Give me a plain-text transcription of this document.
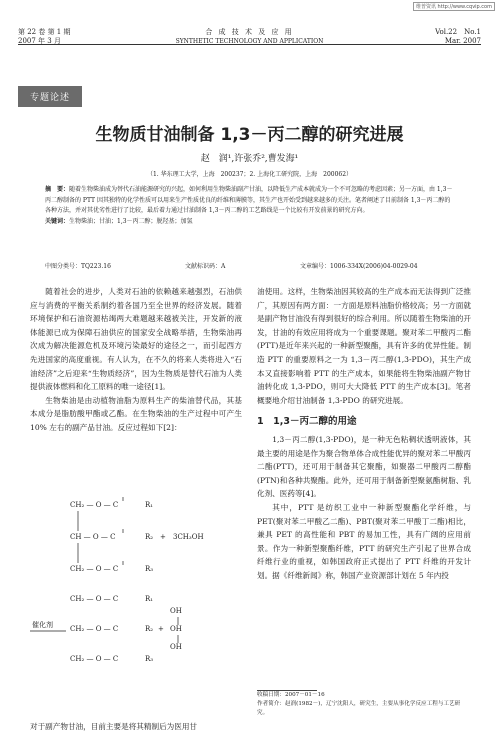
维普资讯 http://www.cqvip.com
第 22 卷 第 1 期
2007 年 3 月
合 成 技 术 及 应 用
SYNTHETIC TECHNOLOGY AND APPLICATION
Vol.22　No.1
Mar. 2007
专题论述
生物质甘油制备 1,3－丙二醇的研究进展
赵　润¹,许张乔²,曹发海¹
（1. 华东理工大学，上海　200237；2. 上海化工研究院，上海　200062）
摘　要：随着生物柴油成为替代石油能源研究的兴起，如何利用生物柴油副产甘油，以降低生产成本就成为一个不可忽略的考虑因素；另一方面，由 1,3－丙二醇制备的 PTT 因其独特的化学性质可以用来生产性质优良的纤维和薄膜等，其生产也开始受到越来越多的关注。笔者阐述了目前制备 1,3－丙二醇的各种方法，并对其优劣性进行了比较，最后着力通过甘油制备 1,3－丙二醇的工艺路线是一个比较有开发前景的研究方向。
关键词：生物柴油；甘油；1,3－丙二醇；脱羟基；加氢
中图分类号：TQ223.16	文献标识码：A	文章编号：1006-334X(2006)04-0029-04

随着社会的进步，人类对石油的依赖越来越强烈，石油供应与消费的平衡关系制约着各国乃至全世界的经济发展。随着环境保护和石油资源枯竭两大难题越来越被关注，开发新的液体能源已成为保障石油供应的国家安全战略举措，生物柴油再次成为解决能源危机及环境污染最好的途径之一，而引起西方先进国家的高度重视。有人认为，在不久的将来人类将进入“石油经济”之后迎来“生物质经济”，因为生物质是替代石油为人类提供液体燃料和化工原料的唯一途径[1]。

生物柴油是由动植物油脂为原料生产的柴油替代品，其基本成分是脂肪酸甲酯或乙酯。在生物柴油的生产过程中可产生 10% 左右的副产品甘油。反应过程如下[2]：

CH₂ — O — C
CH — O — C
CH₂ — O — C
R₁
R₂
R₃
+ 3CH₃OH
CH₂ — O — C
CH₂ — O — C
CH₂ — O — C
R₁
R₂
R₃
催化剂	+
OH
OH
OH

对于副产物甘油，目前主要是将其精制后为医用甘

油使用。这样，生物柴油因其较高的生产成本而无法得到广泛推广，其原因有两方面：一方面是原料油脂价格较高；另一方面就是副产物甘油没有得到很好的综合利用。所以随着生物柴油的开发，甘油的有效应用将成为一个重要课题。聚对苯二甲酸丙二酯(PTT)是近年来兴起的一种新型聚酯，具有许多的优异性能。制造 PTT 的重要原料之一为 1,3－丙二醇(1,3-PDO)，其生产成本又直接影响着 PTT 的生产成本，如果能将生物柴油副产物甘油转化成 1,3-PDO，则可大大降低 PTT 的生产成本[3]。笔者概要地介绍甘油制备 1,3-PDO 的研究进展。

1　1,3－丙二醇的用途

1,3－丙二醇(1,3-PDO)，是一种无色粘稠状透明液体，其最主要的用途是作为聚合物单体合成性能优异的聚对苯二甲酸丙二酯(PTT)，还可用于制备其它聚酯，如聚器二甲酸丙二醇酯(PTN)和各种共聚酯。此外，还可用于制备新型聚氨酯树脂、乳化剂、医药等[4]。

其中，PTT 是纺织工业中一种新型聚酯化学纤维，与 PET(聚对苯二甲酸乙二酯)、PBT(聚对苯二甲酸丁二酯)相比，兼具 PET 的高性能和 PBT 的易加工性，具有广阔的应用前景。作为一种新型聚酯纤维，PTT 的研究生产引起了世界合成纤维行业的重视，如韩国政府正式提出了 PTT 纤维的开发计划。据《纤维新闻》称，韩国产业资源部计划在 5 年内投

收稿日期：2007－01－16
作者简介：赵润(1982－)，辽宁沈阳人，研究生，主要从事化学反应工程与工艺研究。
